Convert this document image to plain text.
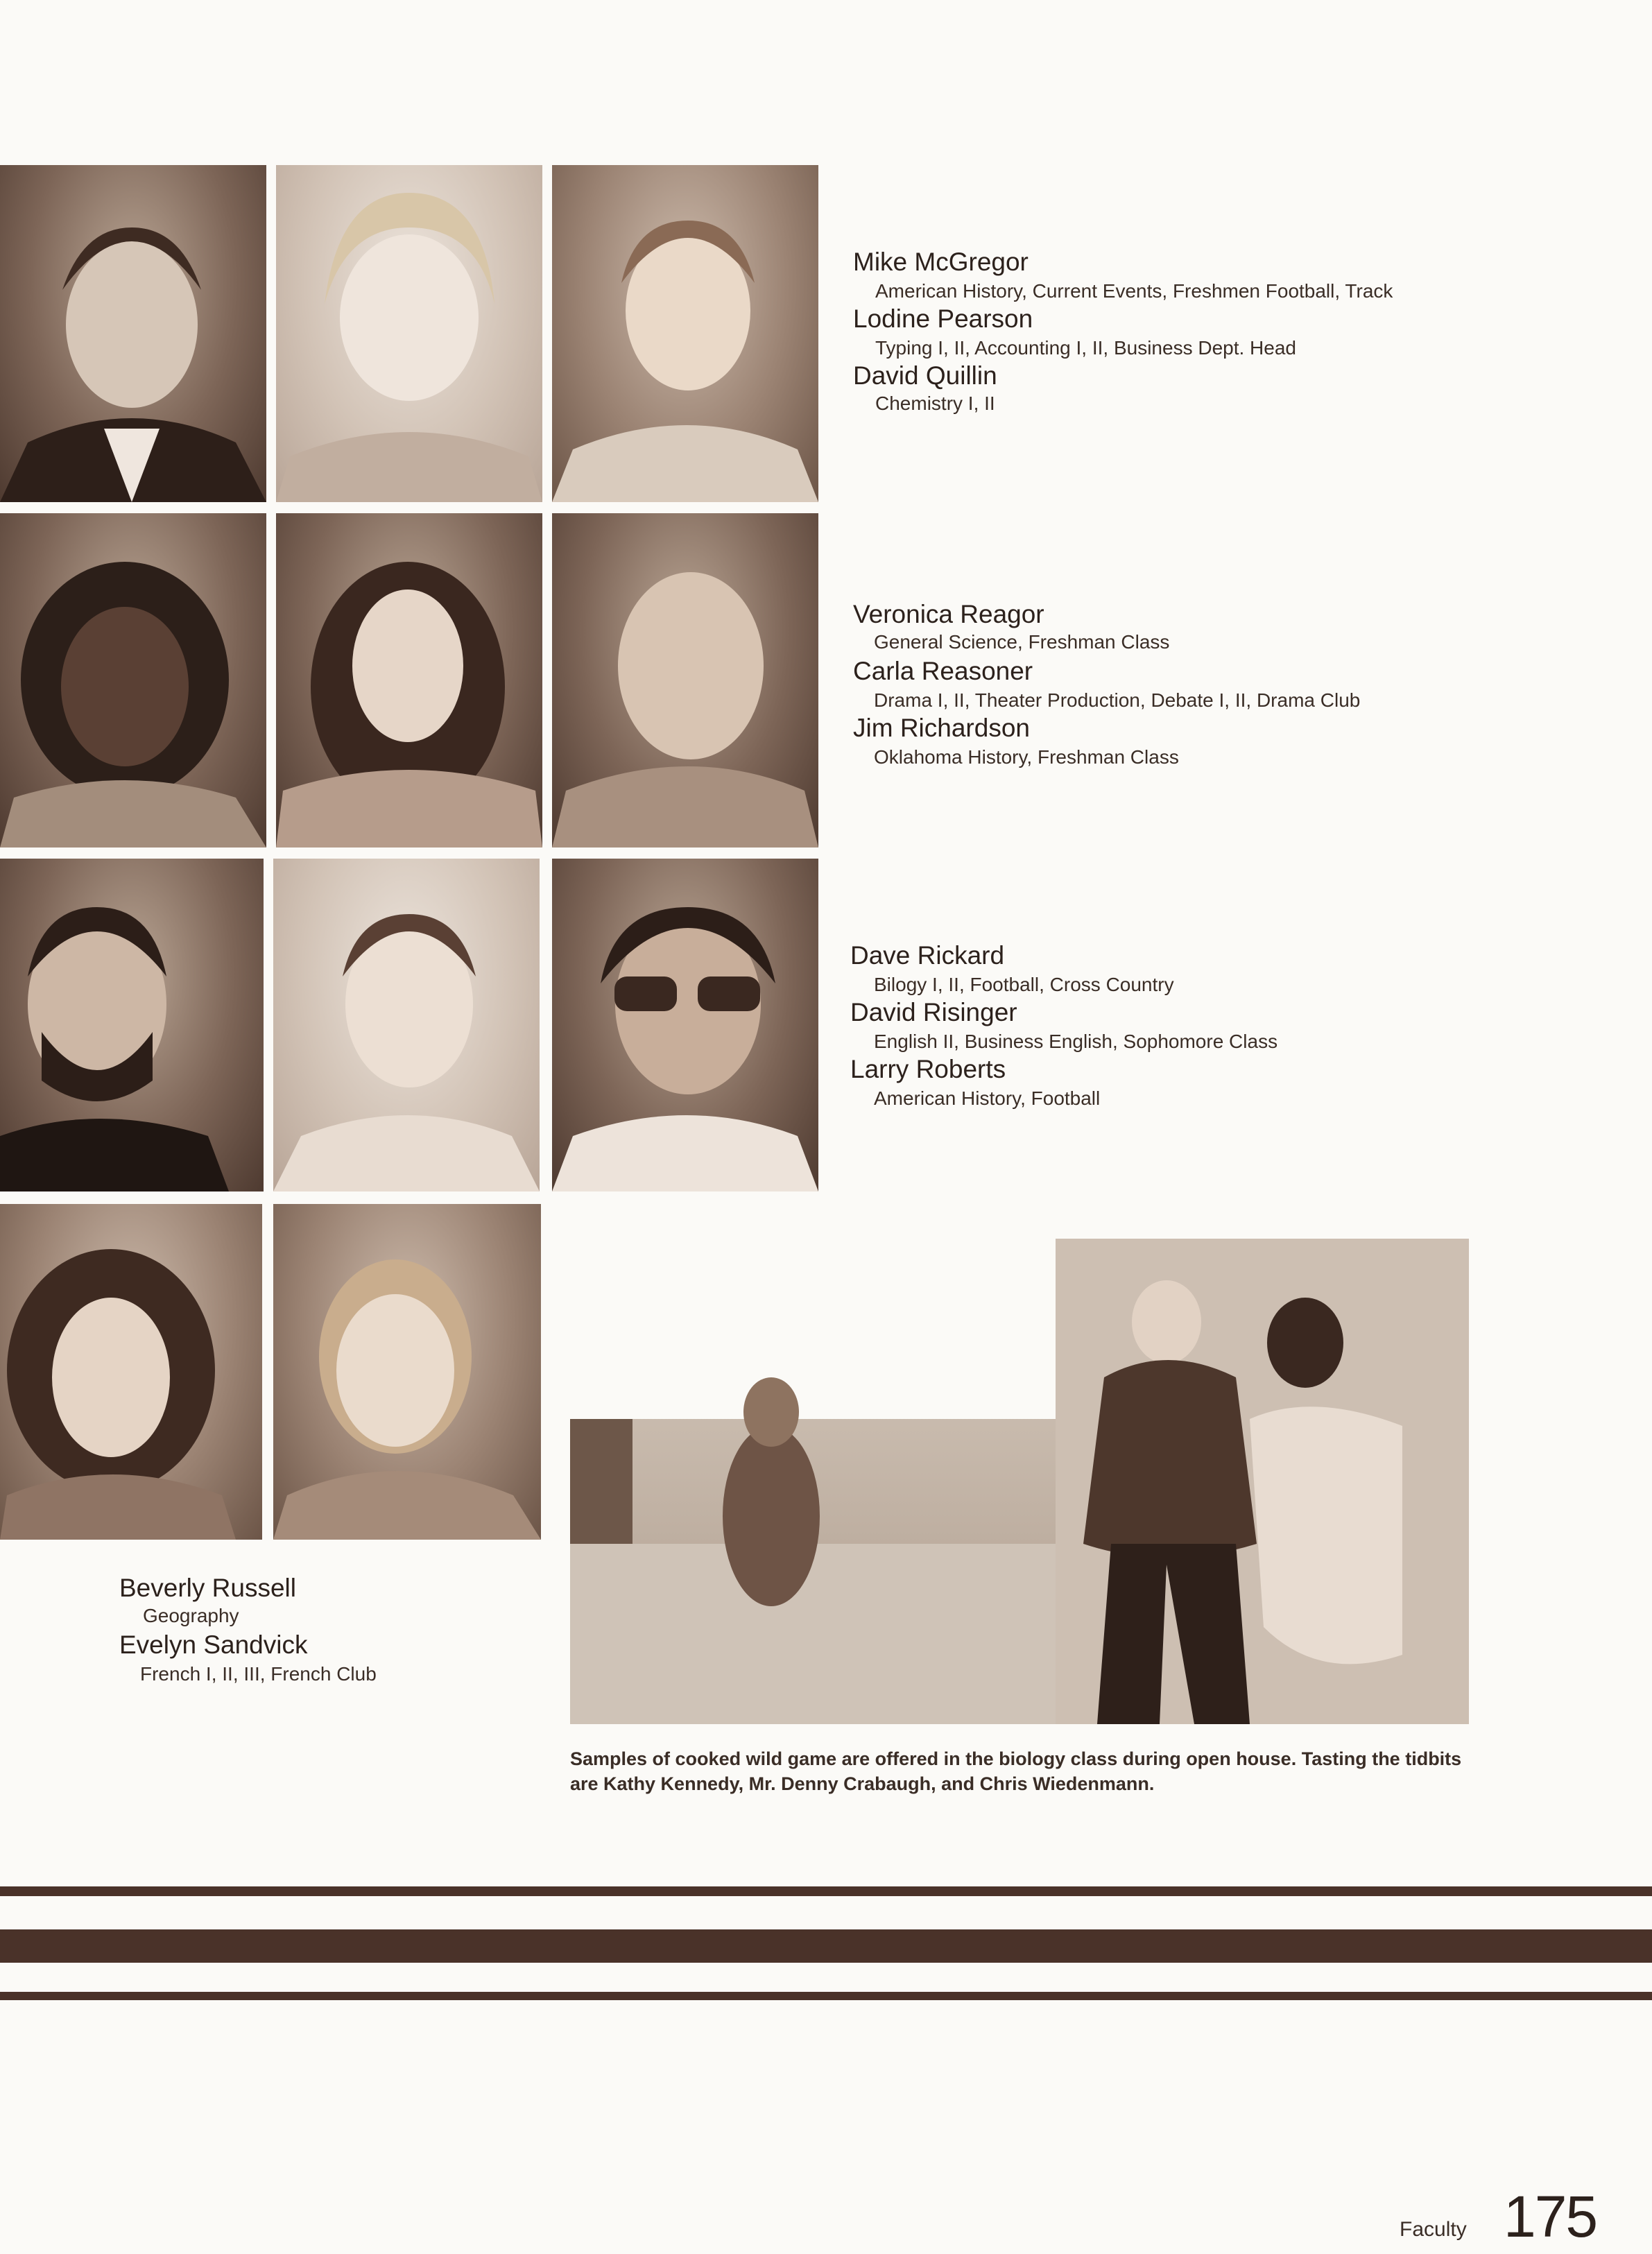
Mike McGregor
American History, Current Events, Freshmen Football, Track
Lodine Pearson
Typing I, II, Accounting I, II, Business Dept. Head
David Quillin
Chemistry I, II
Veronica Reagor
General Science, Freshman Class
Carla Reasoner
Drama I, II, Theater Production, Debate I, II, Drama Club
Jim Richardson
Oklahoma History, Freshman Class
Dave Rickard
Bilogy I, II, Football, Cross Country
David Risinger
English II, Business English, Sophomore Class
Larry Roberts
American History, Football
Beverly Russell
Geography
Evelyn Sandvick
French I, II, III, French Club
Samples of cooked wild game are offered in the biology class during open house. Tasting the tidbits are Kathy Kennedy, Mr. Denny Crabaugh, and Chris Wiedenmann.
Faculty 175
